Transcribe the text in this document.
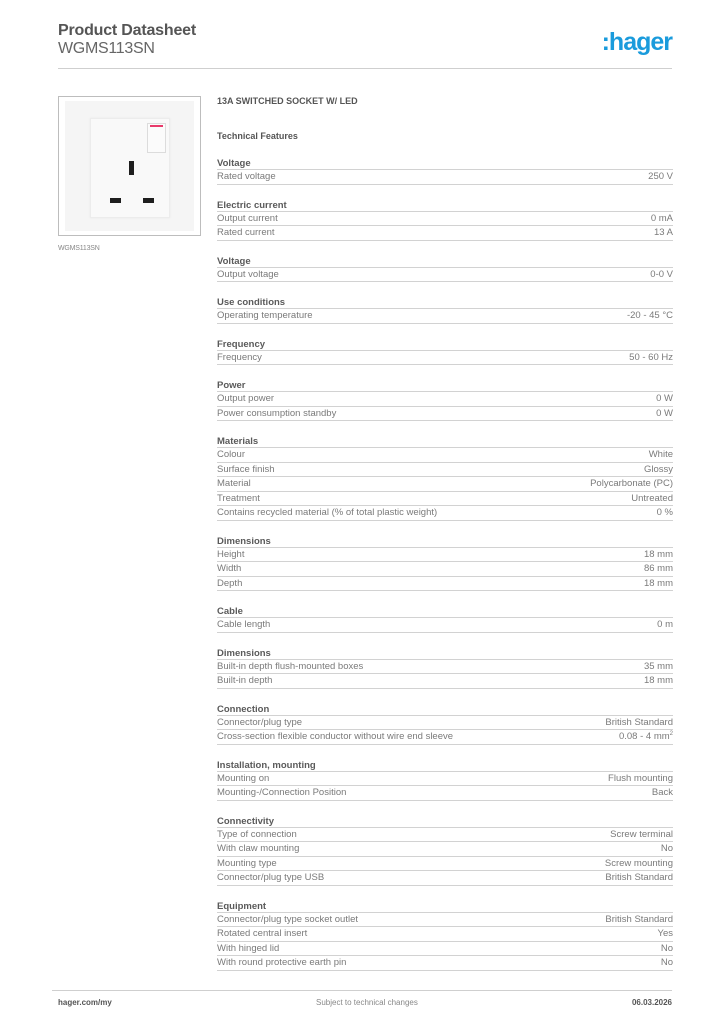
Product Datasheet
WGMS113SN	:hager
WGMS113SN
13A SWITCHED SOCKET W/ LED
Technical Features
Voltage
Rated voltage	250 V
Electric current
Output current	0 mA
Rated current	13 A
Voltage
Output voltage	0-0 V
Use conditions
Operating temperature	-20 - 45 °C
Frequency
Frequency	50 - 60 Hz
Power
Output power	0 W
Power consumption standby	0 W
Materials
Colour	White
Surface finish	Glossy
Material	Polycarbonate (PC)
Treatment	Untreated
Contains recycled material (% of total plastic weight)	0 %
Dimensions
Height	18 mm
Width	86 mm
Depth	18 mm
Cable
Cable length	0 m
Dimensions
Built-in depth flush-mounted boxes	35 mm
Built-in depth	18 mm
Connection
Connector/plug type	British Standard
Cross-section flexible conductor without wire end sleeve	0.08 - 4 $mm^2$
Installation, mounting
Mounting on	Flush mounting
Mounting-/Connection Position	Back
Connectivity
Type of connection	Screw terminal
With claw mounting	No
Mounting type	Screw mounting
Connector/plug type USB	British Standard
Equipment
Connector/plug type socket outlet	British Standard
Rotated central insert	Yes
With hinged lid	No
With round protective earth pin	No
hager.com/my	Subject to technical changes	06.03.2026
